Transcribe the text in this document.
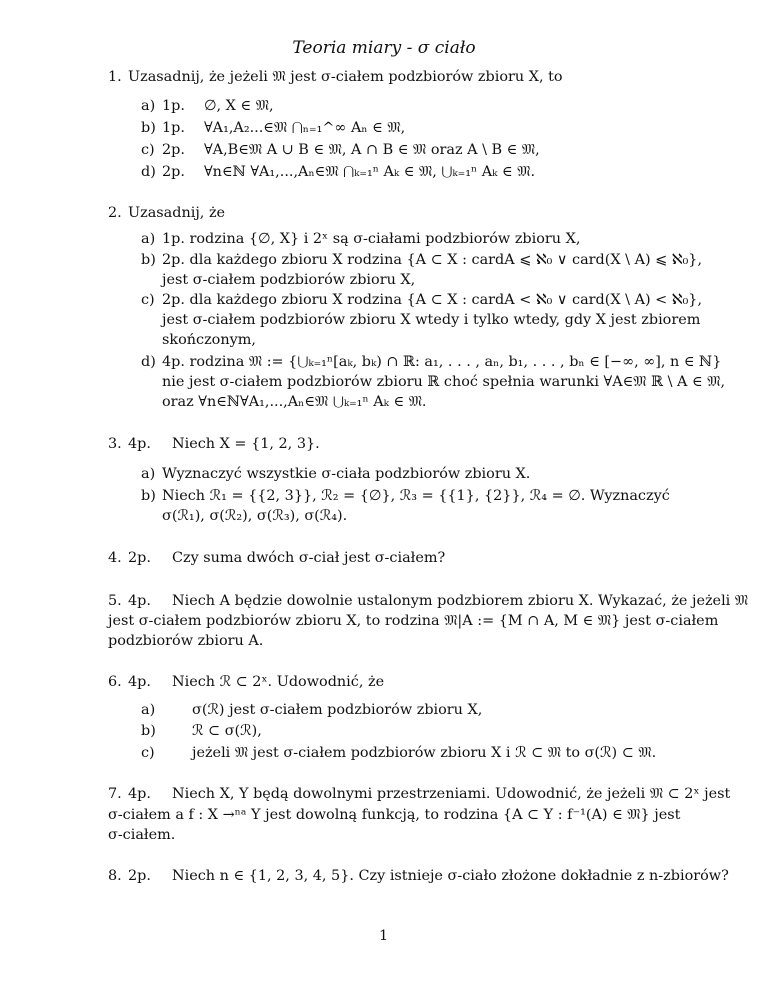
Teoria miary - σ ciało
1. Uzasadnij, że jeżeli 𝔐 jest σ-ciałem podzbiorów zbioru X, to
a) 1p. ∅, X ∈ 𝔐,
b) 1p. ∀A₁,A₂...∈𝔐 ⋂ₙ₌₁^∞ Aₙ ∈ 𝔐,
c) 2p. ∀A,B∈𝔐 A ∪ B ∈ 𝔐, A ∩ B ∈ 𝔐 oraz A \ B ∈ 𝔐,
d) 2p. ∀n∈ℕ ∀A₁,...,Aₙ∈𝔐 ⋂ₖ₌₁ⁿ Aₖ ∈ 𝔐, ⋃ₖ₌₁ⁿ Aₖ ∈ 𝔐.
2. Uzasadnij, że
a) 1p. rodzina {∅, X} i 2ˣ są σ-ciałami podzbiorów zbioru X,
b) 2p. dla każdego zbioru X rodzina {A ⊂ X : cardA ⩽ ℵ₀ ∨ card(X \ A) ⩽ ℵ₀},
jest σ-ciałem podzbiorów zbioru X,
c) 2p. dla każdego zbioru X rodzina {A ⊂ X : cardA < ℵ₀ ∨ card(X \ A) < ℵ₀},
jest σ-ciałem podzbiorów zbioru X wtedy i tylko wtedy, gdy X jest zbiorem
skończonym,
d) 4p. rodzina 𝔐 := {⋃ₖ₌₁ⁿ[aₖ, bₖ) ∩ ℝ: a₁, . . . , aₙ, b₁, . . . , bₙ ∈ [−∞, ∞], n ∈ ℕ}
nie jest σ-ciałem podzbiorów zbioru ℝ choć spełnia warunki ∀A∈𝔐 ℝ \ A ∈ 𝔐,
oraz ∀n∈ℕ∀A₁,...,Aₙ∈𝔐 ⋃ₖ₌₁ⁿ Aₖ ∈ 𝔐.
3. 4p. Niech X = {1, 2, 3}.
a) Wyznaczyć wszystkie σ-ciała podzbiorów zbioru X.
b) Niech ℛ₁ = {{2, 3}}, ℛ₂ = {∅}, ℛ₃ = {{1}, {2}}, ℛ₄ = ∅. Wyznaczyć
σ(ℛ₁), σ(ℛ₂), σ(ℛ₃), σ(ℛ₄).
4. 2p. Czy suma dwóch σ-ciał jest σ-ciałem?
5. 4p. Niech A będzie dowolnie ustalonym podzbiorem zbioru X. Wykazać, że jeżeli 𝔐
jest σ-ciałem podzbiorów zbioru X, to rodzina 𝔐|A := {M ∩ A, M ∈ 𝔐} jest σ-ciałem
podzbiorów zbioru A.
6. 4p. Niech ℛ ⊂ 2ˣ. Udowodnić, że
a)	σ(ℛ) jest σ-ciałem podzbiorów zbioru X,
b)	ℛ ⊂ σ(ℛ),
c)	jeżeli 𝔐 jest σ-ciałem podzbiorów zbioru X i ℛ ⊂ 𝔐 to σ(ℛ) ⊂ 𝔐.
7. 4p. Niech X, Y będą dowolnymi przestrzeniami. Udowodnić, że jeżeli 𝔐 ⊂ 2ˣ jest
σ-ciałem a f : X →ⁿᵃ Y jest dowolną funkcją, to rodzina {A ⊂ Y : f⁻¹(A) ∈ 𝔐} jest
σ-ciałem.
8. 2p. Niech n ∈ {1, 2, 3, 4, 5}. Czy istnieje σ-ciało złożone dokładnie z n-zbiorów?
1
